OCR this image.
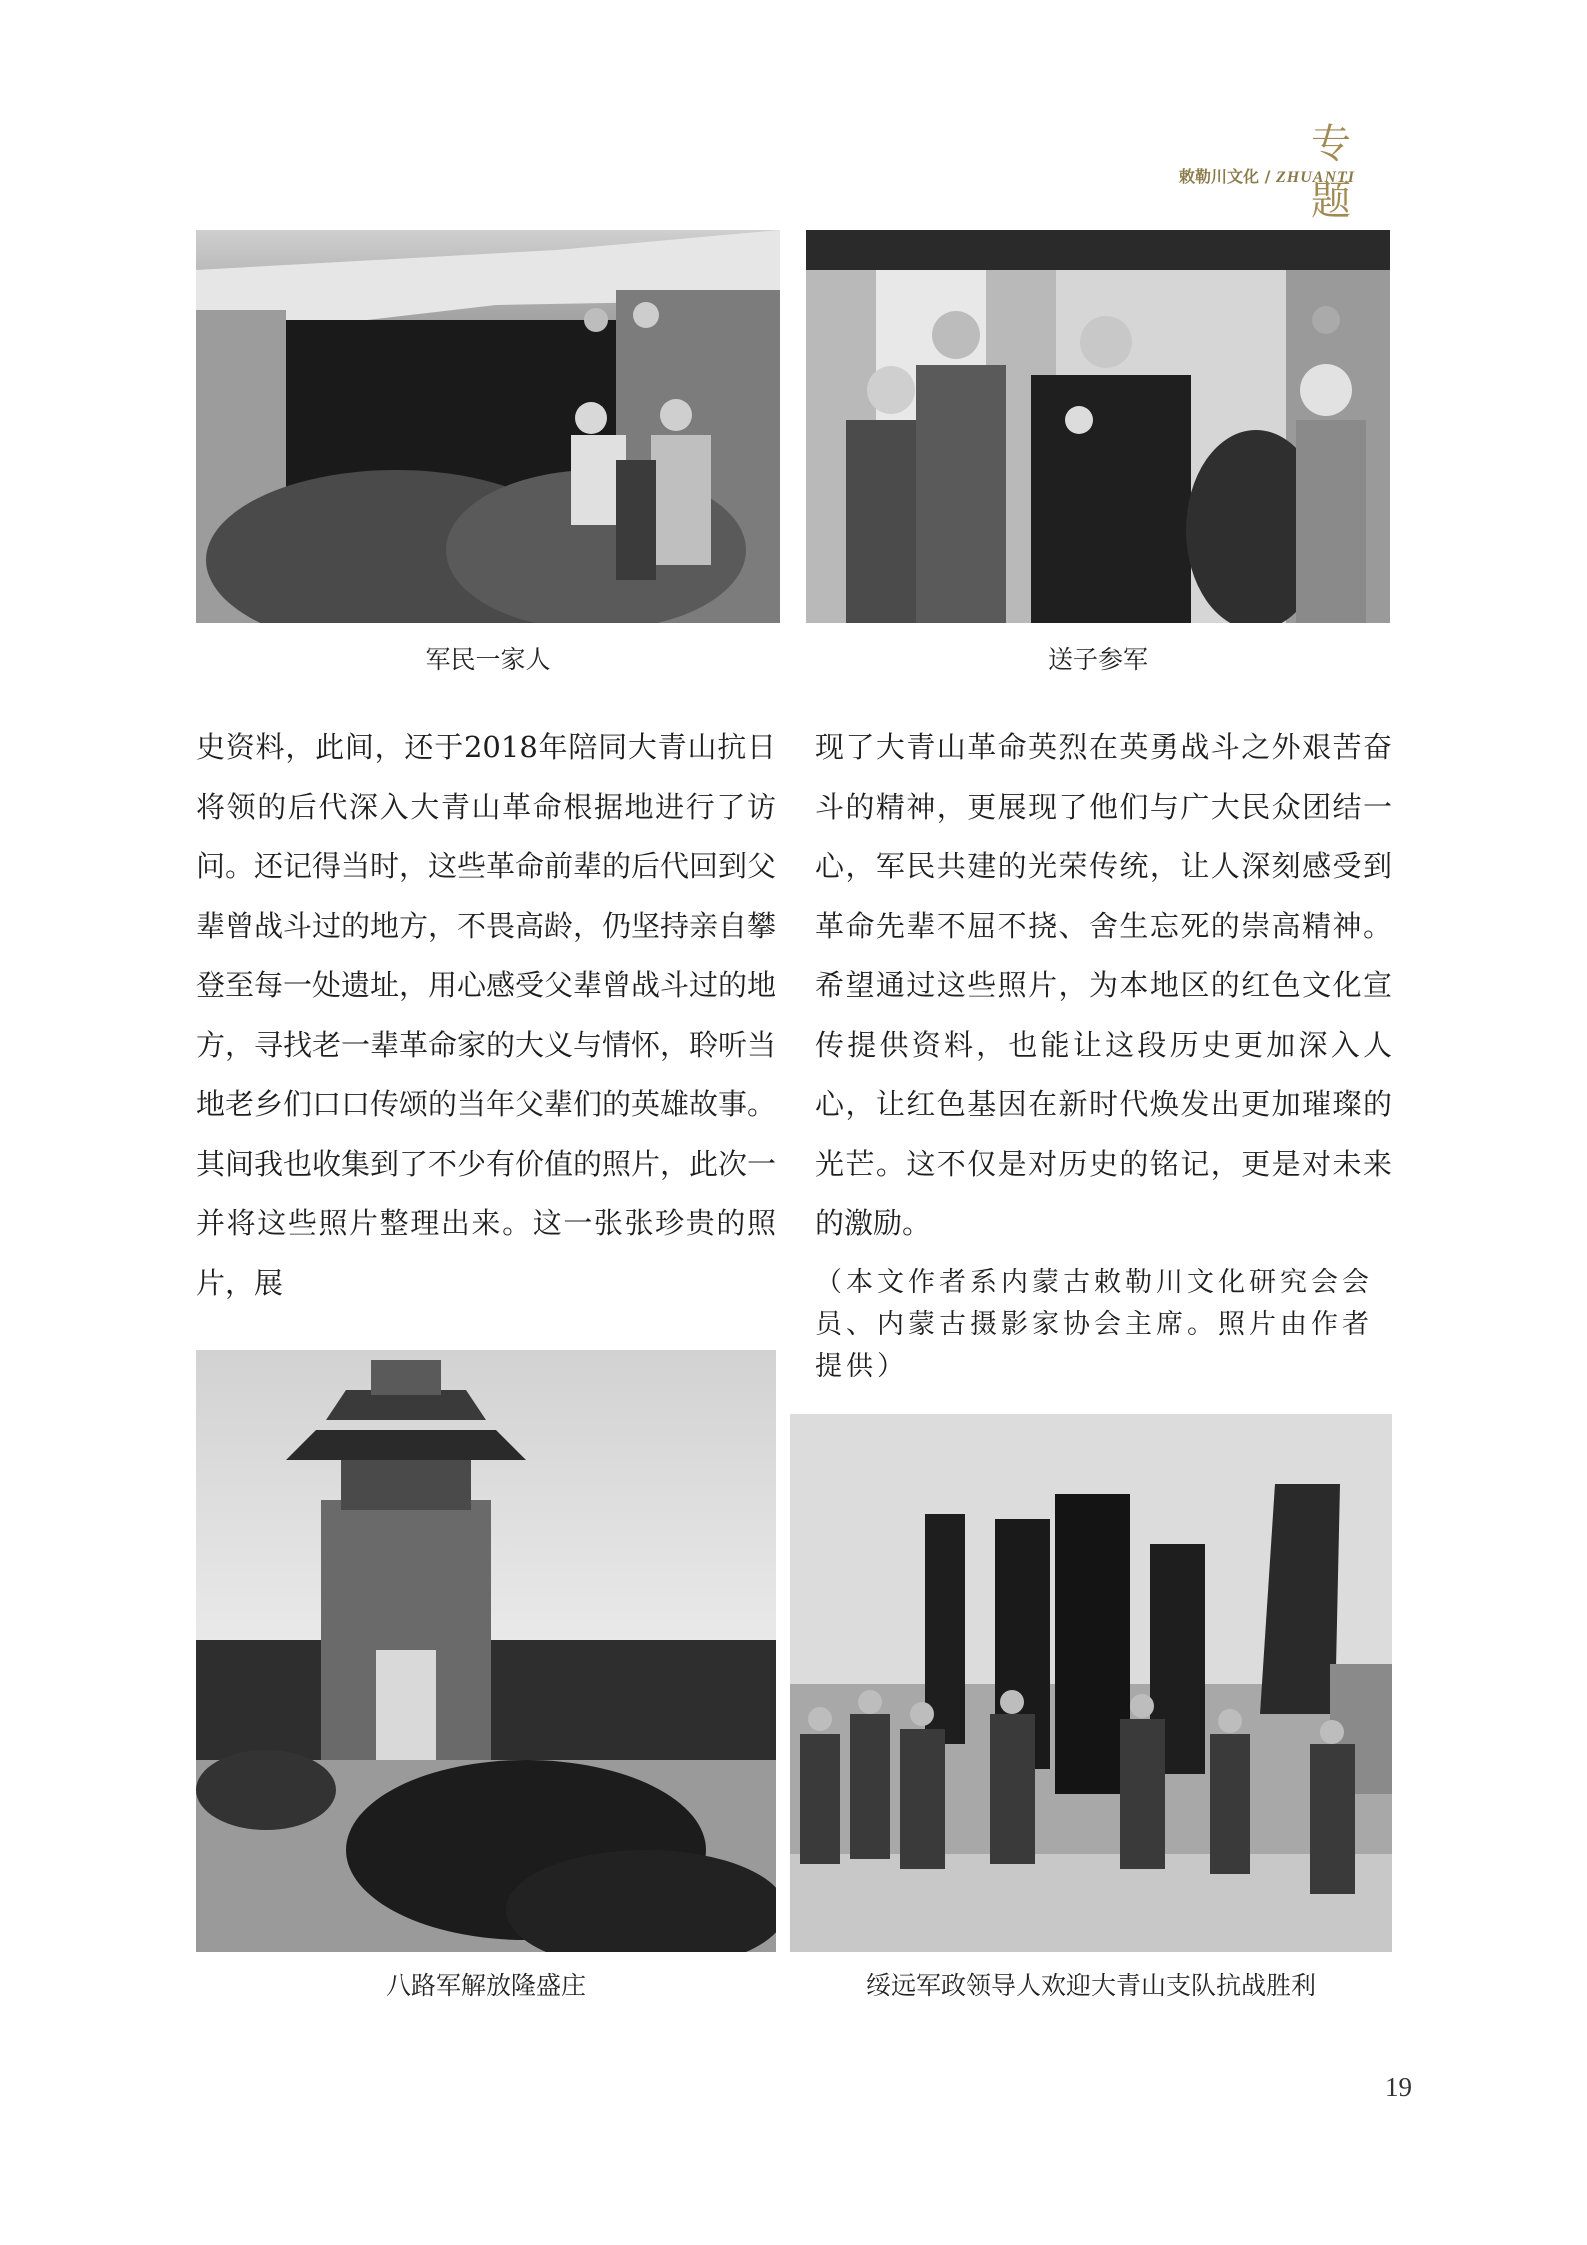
专 题
敕勒川文化 / ZHUANTI
军民一家人	送子参军

史资料，此间，还于2018年陪同大青山抗日将领的后代深入大青山革命根据地进行了访问。还记得当时，这些革命前辈的后代回到父辈曾战斗过的地方，不畏高龄，仍坚持亲自攀登至每一处遗址，用心感受父辈曾战斗过的地方，寻找老一辈革命家的大义与情怀，聆听当地老乡们口口传颂的当年父辈们的英雄故事。其间我也收集到了不少有价值的照片，此次一并将这些照片整理出来。这一张张珍贵的照片，展

现了大青山革命英烈在英勇战斗之外艰苦奋斗的精神，更展现了他们与广大民众团结一心，军民共建的光荣传统，让人深刻感受到革命先辈不屈不挠、舍生忘死的崇高精神。希望通过这些照片，为本地区的红色文化宣传提供资料，也能让这段历史更加深入人心，让红色基因在新时代焕发出更加璀璨的光芒。这不仅是对历史的铭记，更是对未来的激励。

（本文作者系内蒙古敕勒川文化研究会会员、内蒙古摄影家协会主席。照片由作者提供）
八路军解放隆盛庄	绥远军政领导人欢迎大青山支队抗战胜利
19
